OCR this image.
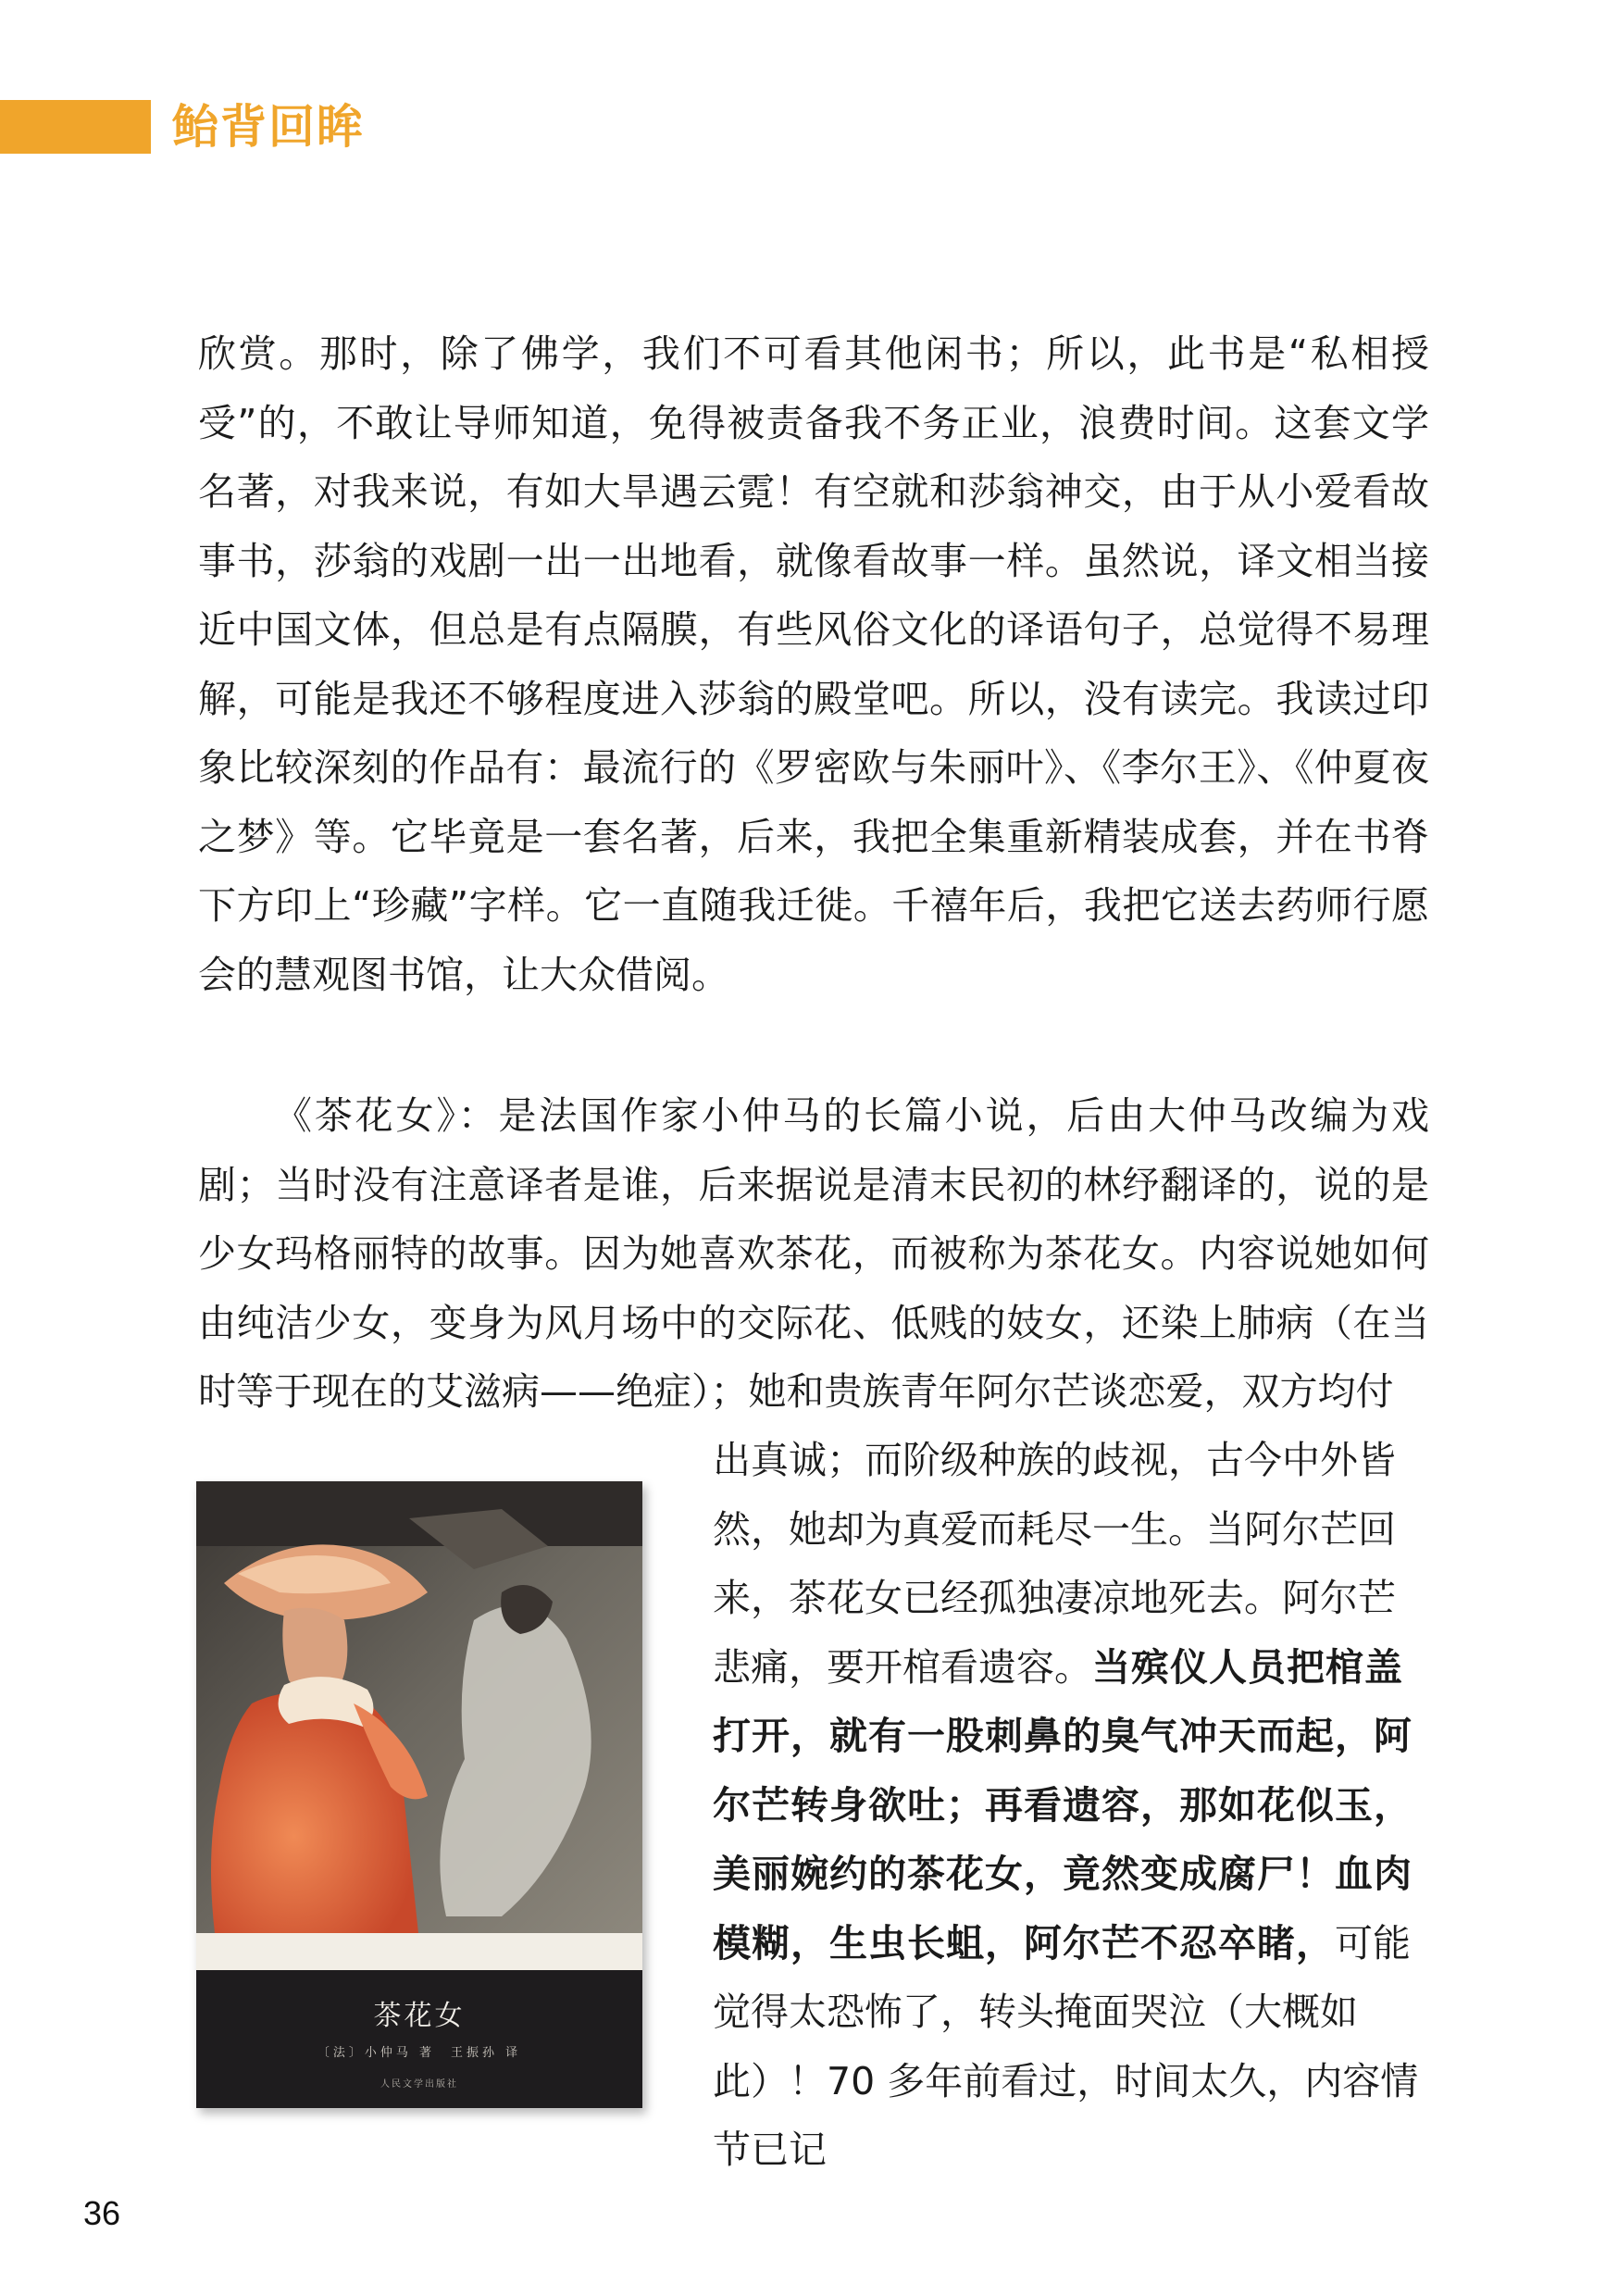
鲐背回眸

欣赏。那时，除了佛学，我们不可看其他闲书；所以，此书是“私相授受”的，不敢让导师知道，免得被责备我不务正业，浪费时间。这套文学名著，对我来说，有如大旱遇云霓！有空就和莎翁神交，由于从小爱看故事书，莎翁的戏剧一出一出地看，就像看故事一样。虽然说，译文相当接近中国文体，但总是有点隔膜，有些风俗文化的译语句子，总觉得不易理解，可能是我还不够程度进入莎翁的殿堂吧。所以，没有读完。我读过印象比较深刻的作品有：最流行的《罗密欧与朱丽叶》、《李尔王》、《仲夏夜之梦》等。它毕竟是一套名著，后来，我把全集重新精装成套，并在书脊下方印上“珍藏”字样。它一直随我迁徙。千禧年后，我把它送去药师行愿会的慧观图书馆，让大众借阅。

《茶花女》：是法国作家小仲马的长篇小说，后由大仲马改编为戏剧；当时没有注意译者是谁，后来据说是清末民初的林纾翻译的，说的是少女玛格丽特的故事。因为她喜欢茶花，而被称为茶花女。内容说她如何由纯洁少女，变身为风月场中的交际花、低贱的妓女，还染上肺病（在当时等于现在的艾滋病——绝症）；她和贵族青年阿尔芒谈恋爱，双方均付

茶花女
〔法〕小仲马 著　王振孙 译
人民文学出版社

出真诚；而阶级种族的歧视，古今中外皆然，她却为真爱而耗尽一生。当阿尔芒回来，茶花女已经孤独凄凉地死去。阿尔芒悲痛，要开棺看遗容。当殡仪人员把棺盖打开，就有一股刺鼻的臭气冲天而起，阿尔芒转身欲吐；再看遗容，那如花似玉，美丽婉约的茶花女，竟然变成腐尸！血肉模糊，生虫长蛆，阿尔芒不忍卒睹，可能觉得太恐怖了，转头掩面哭泣（大概如此）！70 多年前看过，时间太久，内容情节已记

36
